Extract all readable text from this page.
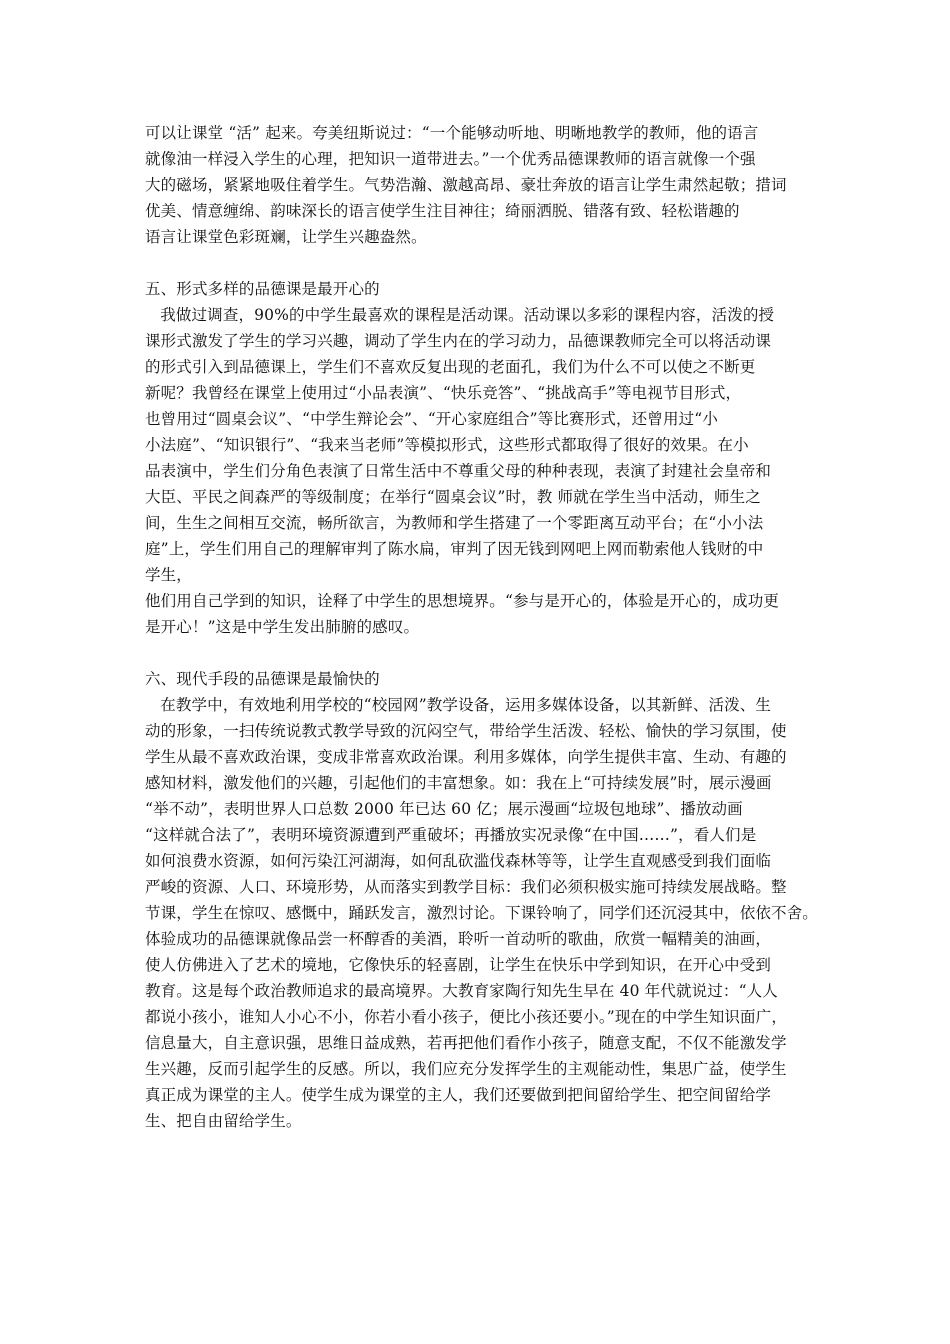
可以让课堂 “活” 起来。夸美纽斯说过：“一个能够动听地、明晰地教学的教师，他的语言
就像油一样浸入学生的心理，把知识一道带进去。”一个优秀品德课教师的语言就像一个强
大的磁场，紧紧地吸住着学生。气势浩瀚、激越高昂、豪壮奔放的语言让学生肃然起敬；措词
优美、情意缠绵、韵味深长的语言使学生注目神往；绮丽洒脱、错落有致、轻松谐趣的
语言让课堂色彩斑斓，让学生兴趣盎然。
五、形式多样的品德课是最开心的
我做过调查，90%的中学生最喜欢的课程是活动课。活动课以多彩的课程内容，活泼的授
课形式激发了学生的学习兴趣，调动了学生内在的学习动力，品德课教师完全可以将活动课
的形式引入到品德课上，学生们不喜欢反复出现的老面孔，我们为什么不可以使之不断更
新呢？我曾经在课堂上使用过“小品表演”、“快乐竞答”、“挑战高手”等电视节目形式，
也曾用过“圆桌会议”、“中学生辩论会”、“开心家庭组合”等比赛形式，还曾用过“小
小法庭”、“知识银行”、“我来当老师”等模拟形式，这些形式都取得了很好的效果。在小
品表演中，学生们分角色表演了日常生活中不尊重父母的种种表现，表演了封建社会皇帝和
大臣、平民之间森严的等级制度；在举行“圆桌会议”时，教 师就在学生当中活动，师生之
间，生生之间相互交流，畅所欲言，为教师和学生搭建了一个零距离互动平台；在“小小法
庭”上，学生们用自己的理解审判了陈水扁，审判了因无钱到网吧上网而勒索他人钱财的中
学生，
他们用自己学到的知识，诠释了中学生的思想境界。“参与是开心的，体验是开心的，成功更
是开心！”这是中学生发出肺腑的感叹。
六、现代手段的品德课是最愉快的
在教学中，有效地利用学校的“校园网”教学设备，运用多媒体设备，以其新鲜、活泼、生
动的形象，一扫传统说教式教学导致的沉闷空气，带给学生活泼、轻松、愉快的学习氛围，使
学生从最不喜欢政治课，变成非常喜欢政治课。利用多媒体，向学生提供丰富、生动、有趣的
感知材料，激发他们的兴趣，引起他们的丰富想象。如：我在上“可持续发展”时，展示漫画
“举不动”，表明世界人口总数 2000 年已达 60 亿；展示漫画“垃圾包地球”、播放动画
“这样就合法了”，表明环境资源遭到严重破坏；再播放实况录像“在中国……”，看人们是
如何浪费水资源，如何污染江河湖海，如何乱砍滥伐森林等等，让学生直观感受到我们面临
严峻的资源、人口、环境形势，从而落实到教学目标：我们必须积极实施可持续发展战略。整
节课，学生在惊叹、感慨中，踊跃发言，激烈讨论。下课铃响了，同学们还沉浸其中，依依不舍。
体验成功的品德课就像品尝一杯醇香的美酒，聆听一首动听的歌曲，欣赏一幅精美的油画，
使人仿佛进入了艺术的境地，它像快乐的轻喜剧，让学生在快乐中学到知识，在开心中受到
教育。这是每个政治教师追求的最高境界。大教育家陶行知先生早在 40 年代就说过：“人人
都说小孩小，谁知人小心不小，你若小看小孩子，便比小孩还要小。”现在的中学生知识面广，
信息量大，自主意识强，思维日益成熟，若再把他们看作小孩子，随意支配，不仅不能激发学
生兴趣，反而引起学生的反感。所以，我们应充分发挥学生的主观能动性，集思广益，使学生
真正成为课堂的主人。使学生成为课堂的主人，我们还要做到把间留给学生、把空间留给学
生、把自由留给学生。
